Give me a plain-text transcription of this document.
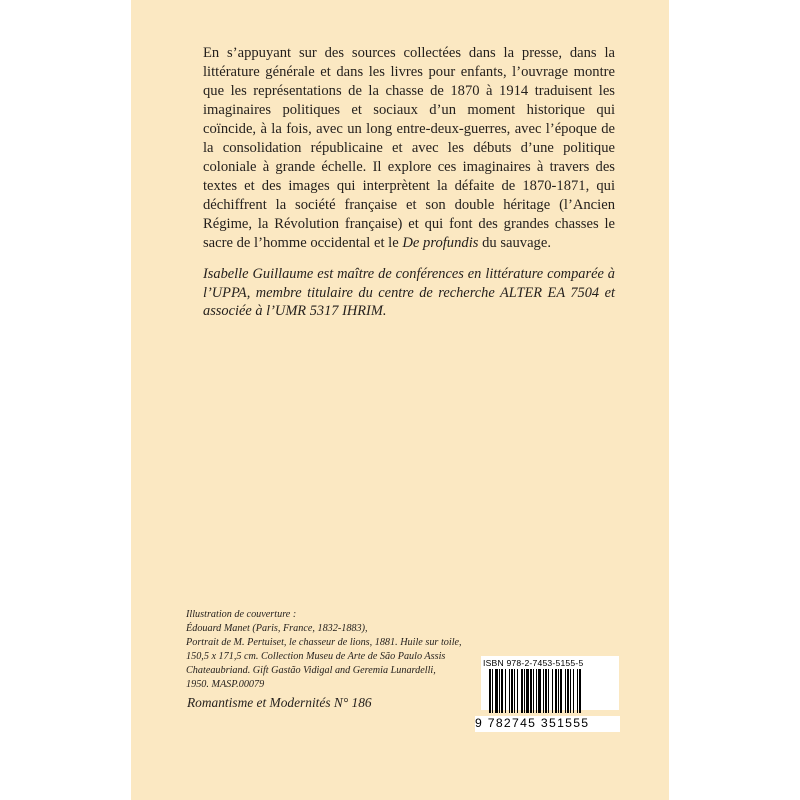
En s’appuyant sur des sources collectées dans la presse, dans la littérature générale et dans les livres pour enfants, l’ouvrage montre que les représentations de la chasse de 1870 à 1914 traduisent les imaginaires politiques et sociaux d’un moment historique qui coïncide, à la fois, avec un long entre-deux-guerres, avec l’époque de la consolidation républicaine et avec les débuts d’une politique coloniale à grande échelle. Il explore ces imaginaires à travers des textes et des images qui interprètent la défaite de 1870-1871, qui déchiffrent la société française et son double héritage (l’Ancien Régime, la Révolution française) et qui font des grandes chasses le sacre de l’homme occidental et le De profundis du sauvage.

Isabelle Guillaume est maître de conférences en littérature comparée à l’UPPA, membre titulaire du centre de recherche ALTER EA 7504 et associée à l’UMR 5317 IHRIM.

Illustration de couverture :
Édouard Manet (Paris, France, 1832-1883),
Portrait de M. Pertuiset, le chasseur de lions, 1881. Huile sur toile,
150,5 x 171,5 cm. Collection Museu de Arte de São Paulo Assis
Chateaubriand. Gift Gastão Vidigal and Geremia Lunardelli,
1950. MASP.00079
Romantisme et Modernités N° 186
ISBN 978-2-7453-5155-5
9 782745 351555
